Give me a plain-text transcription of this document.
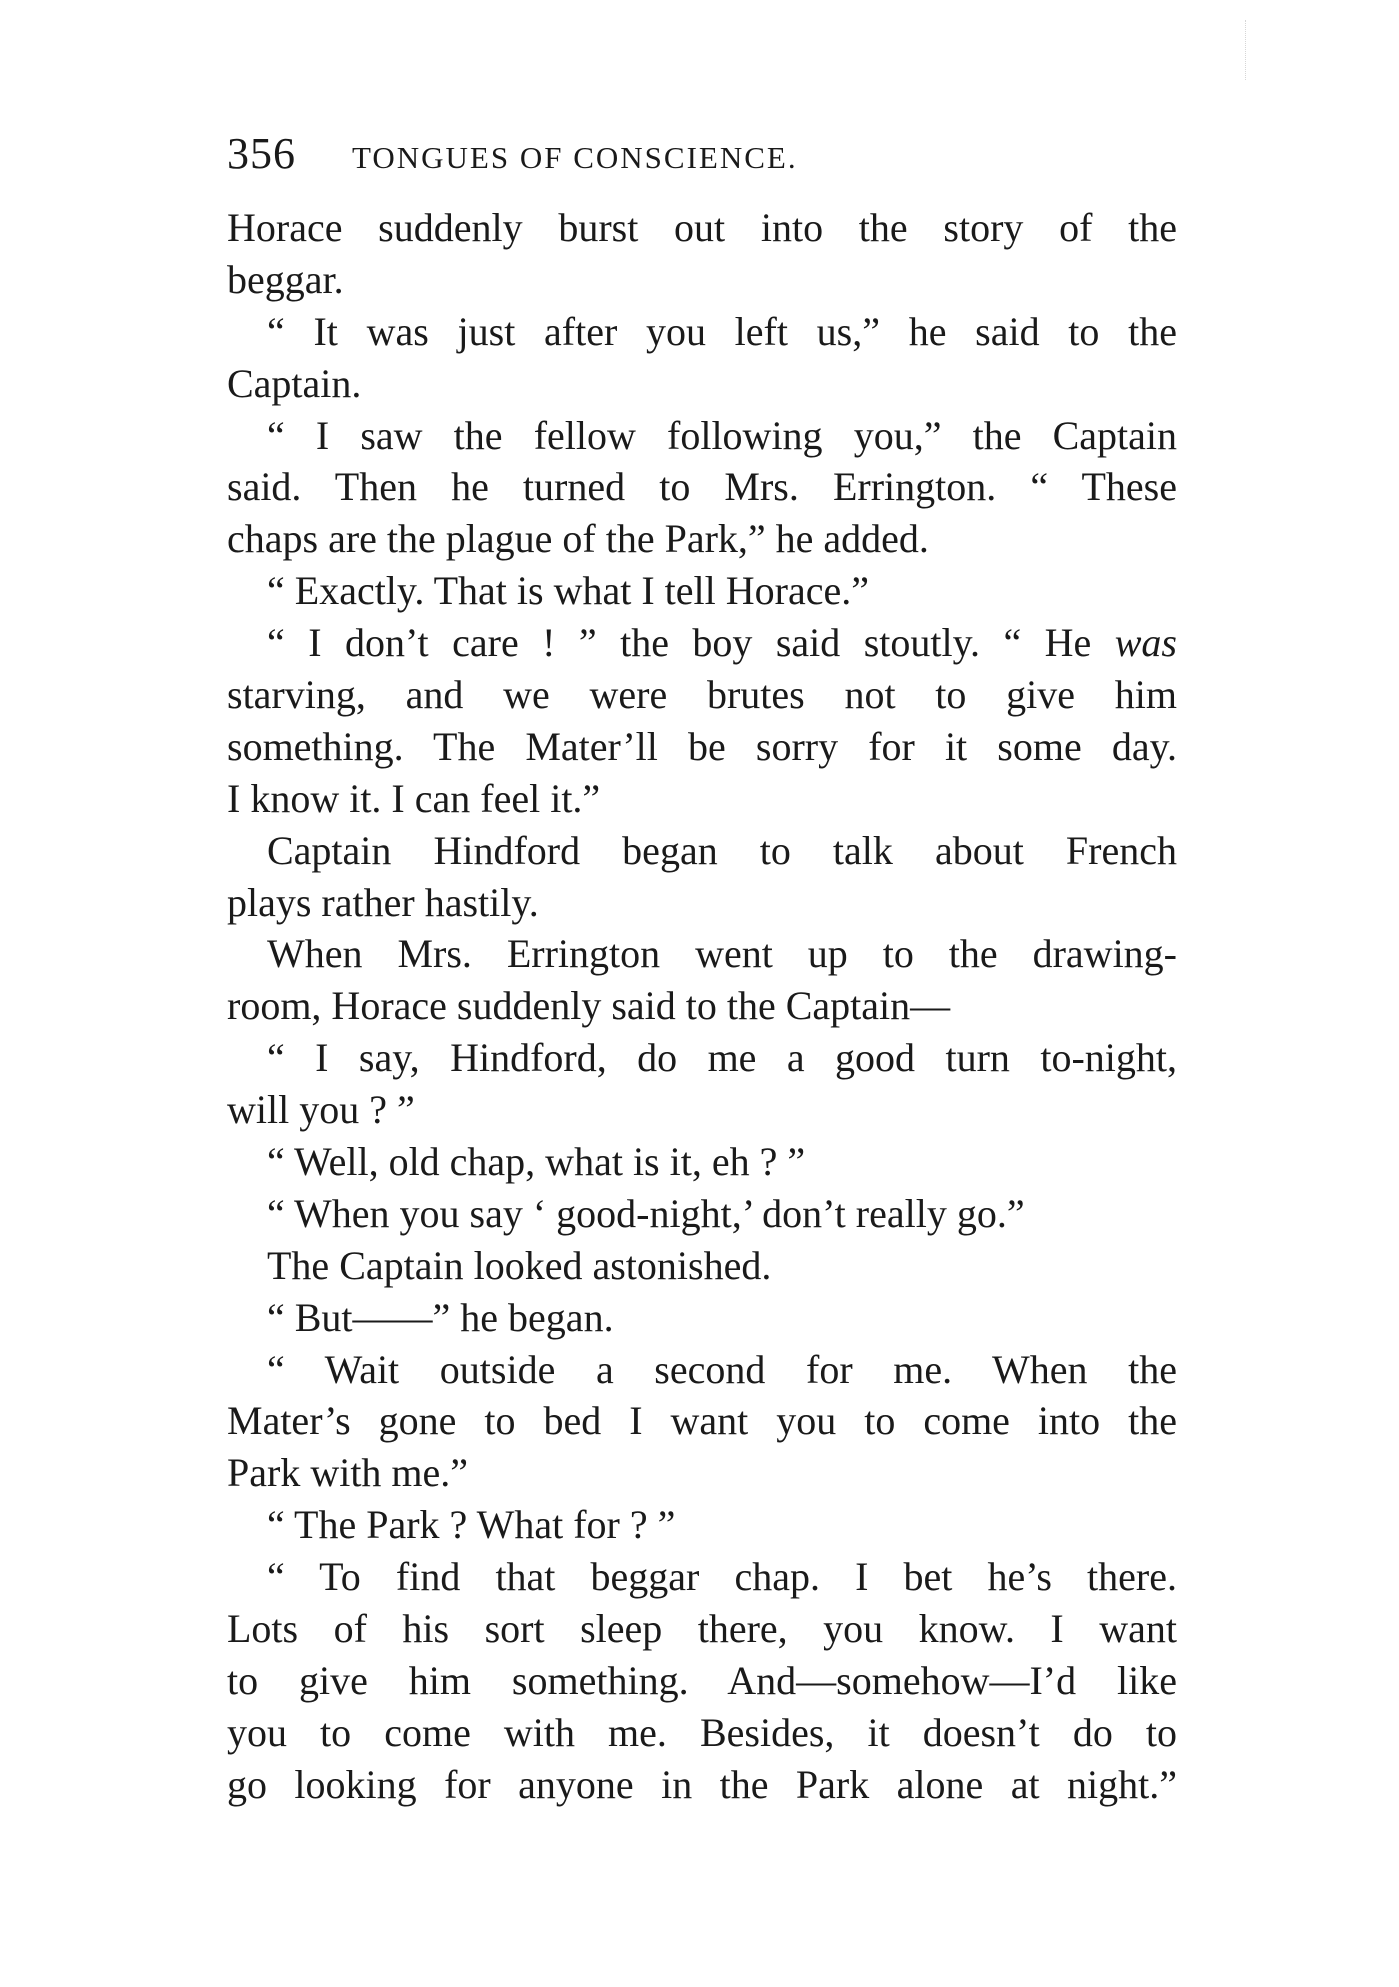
356 TONGUES OF CONSCIENCE.
Horace suddenly burst out into the story of the
beggar.
“ It was just after you left us,” he said to the
Captain.
“ I saw the fellow following you,” the Captain
said. Then he turned to Mrs. Errington. “ These
chaps are the plague of the Park,” he added.
“ Exactly. That is what I tell Horace.”
“ I don’t care ! ” the boy said stoutly. “ He was
starving, and we were brutes not to give him
something. The Mater’ll be sorry for it some day.
I know it. I can feel it.”
Captain Hindford began to talk about French
plays rather hastily.
When Mrs. Errington went up to the drawing-
room, Horace suddenly said to the Captain—
“ I say, Hindford, do me a good turn to-night,
will you ? ”
“ Well, old chap, what is it, eh ? ”
“ When you say ‘ good-night,’ don’t really go.”
The Captain looked astonished.
“ But——” he began.
“ Wait outside a second for me. When the
Mater’s gone to bed I want you to come into the
Park with me.”
“ The Park ? What for ? ”
“ To find that beggar chap. I bet he’s there.
Lots of his sort sleep there, you know. I want
to give him something. And—somehow—I’d like
you to come with me. Besides, it doesn’t do to
go looking for anyone in the Park alone at night.”
